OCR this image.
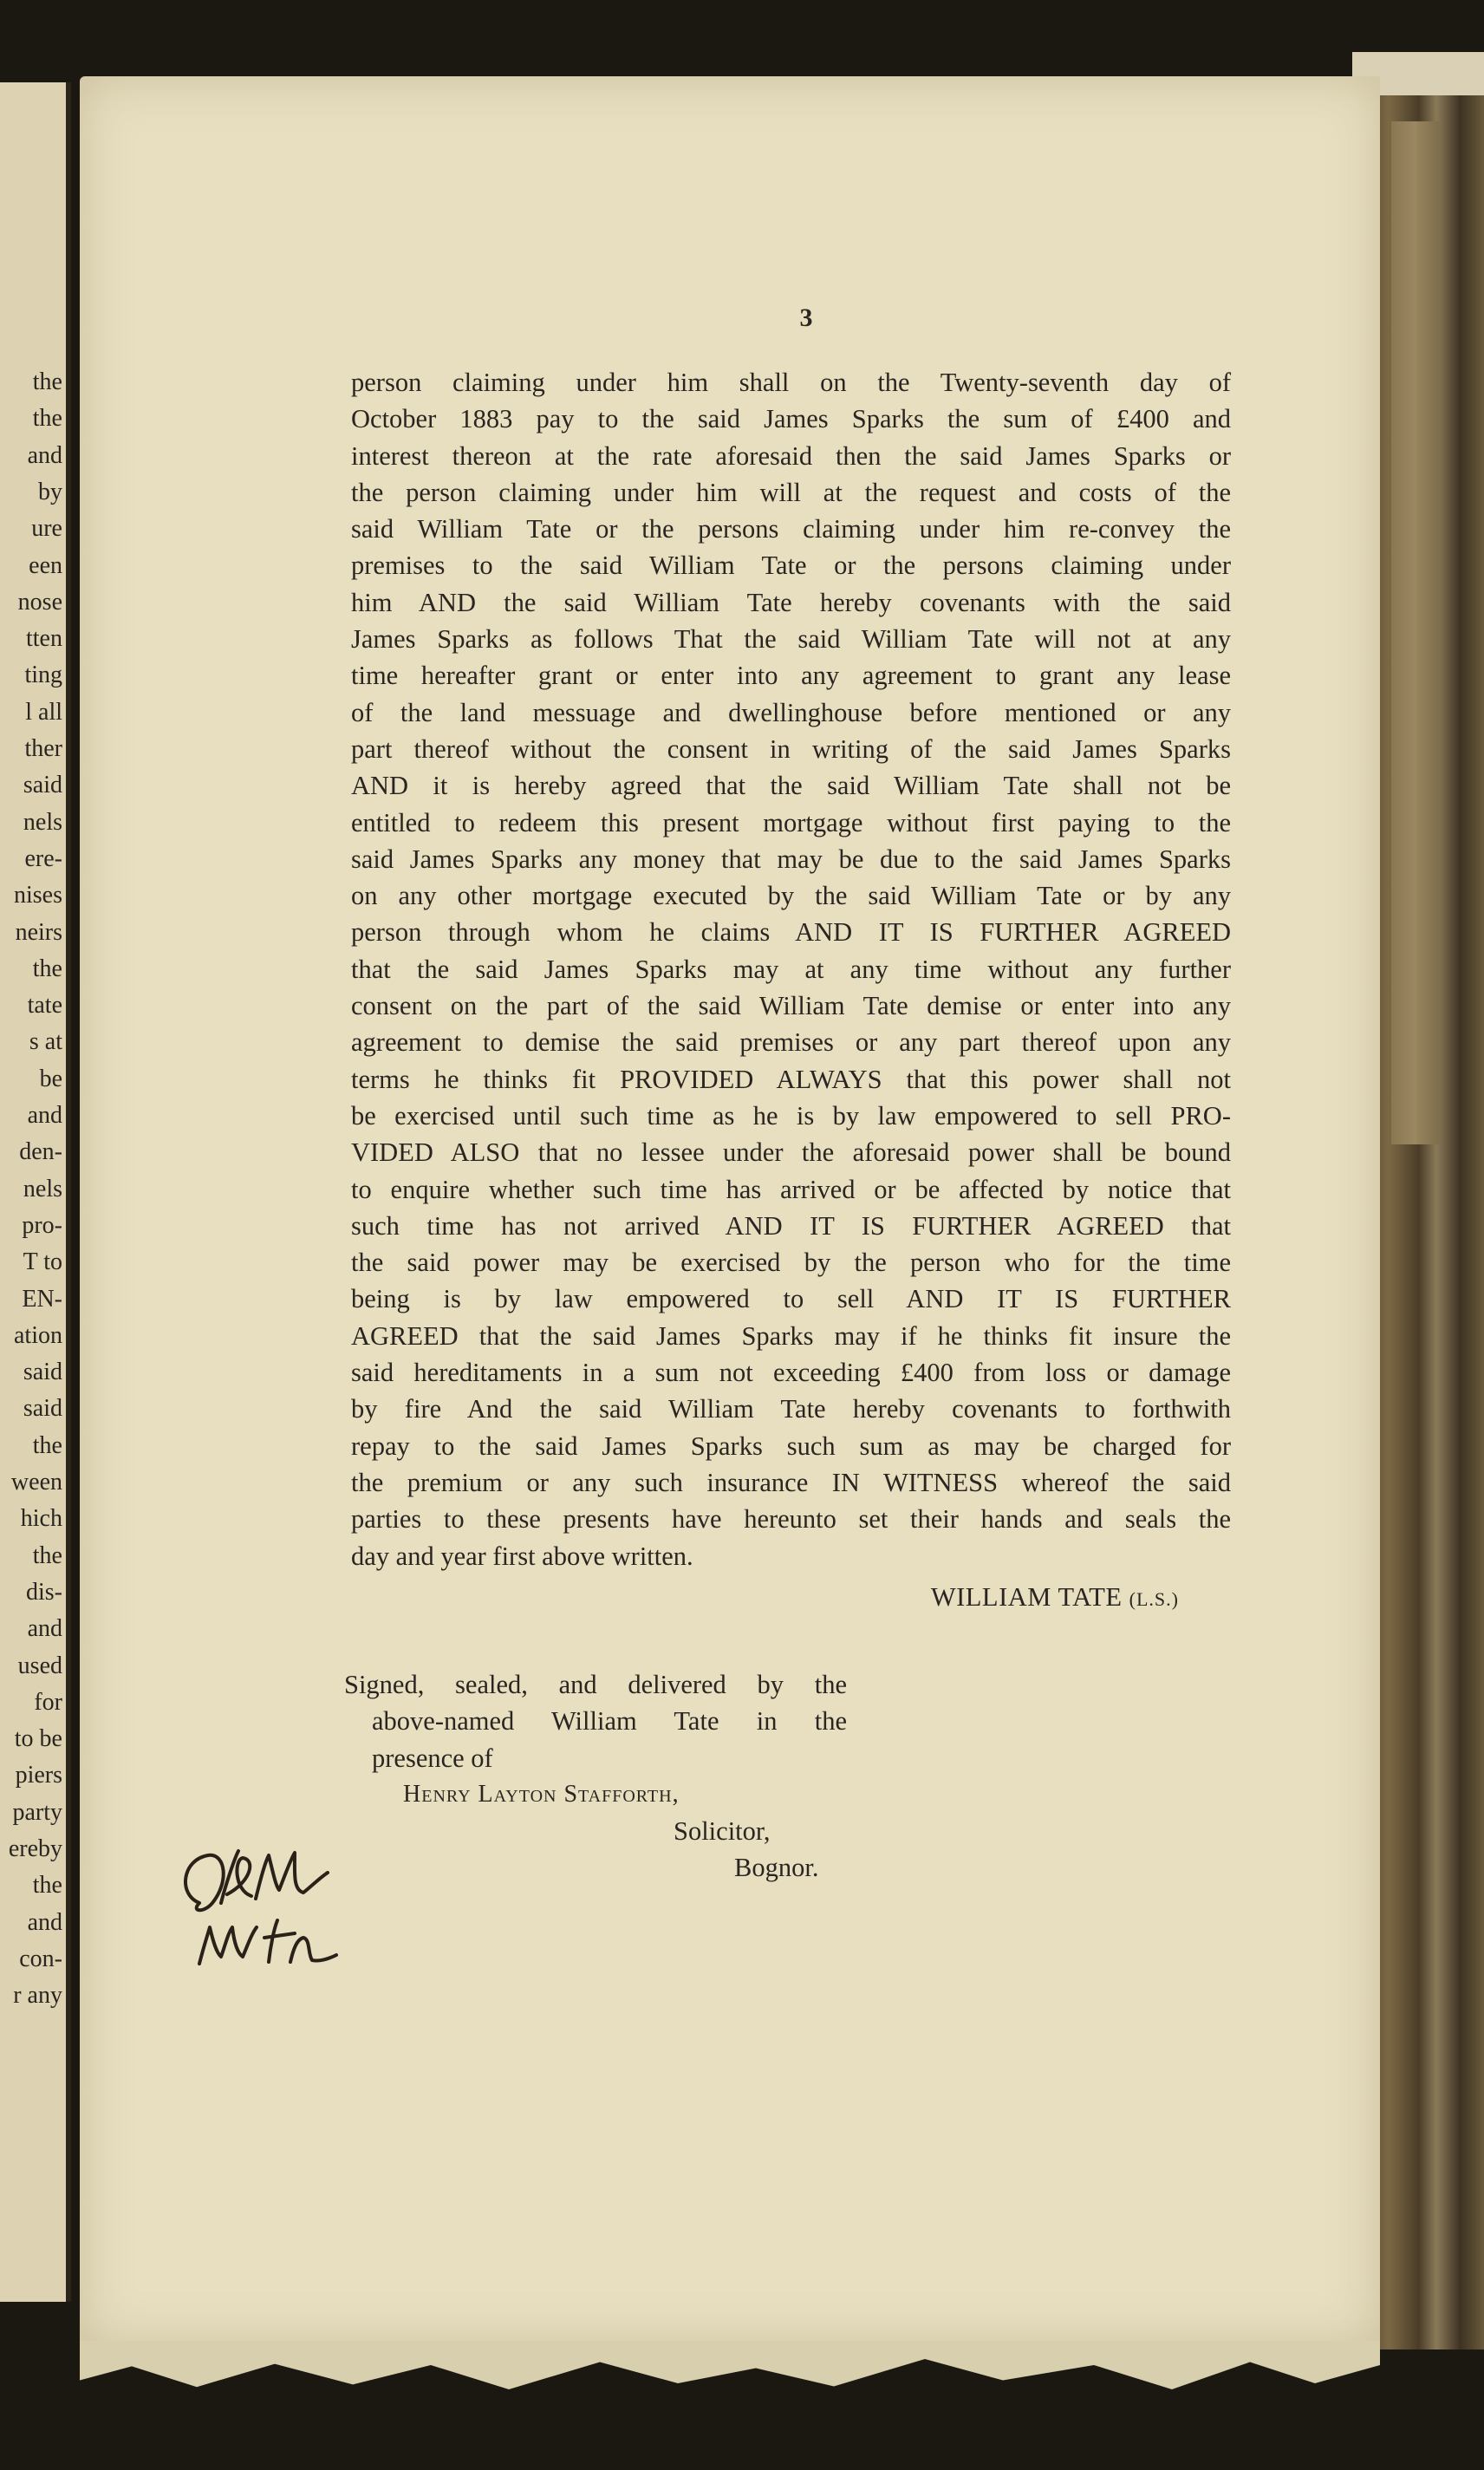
the
the
and
by
ure
een
nose
tten
ting
l all
ther
said
nels
ere-
nises
neirs
the
tate
s at
be
and
den-
nels
pro-
T to
EN-
ation
said
said
the
ween
hich
the
dis-
and
used
for
to be
piers
party
ereby
the
and
con-
r any
3
person claiming under him shall on the Twenty-seventh day of
October 1883 pay to the said James Sparks the sum of £400 and
interest thereon at the rate aforesaid then the said James Sparks or
the person claiming under him will at the request and costs of the
said William Tate or the persons claiming under him re-convey the
premises to the said William Tate or the persons claiming under
him AND the said William Tate hereby covenants with the said
James Sparks as follows That the said William Tate will not at any
time hereafter grant or enter into any agreement to grant any lease
of the land messuage and dwellinghouse before mentioned or any
part thereof without the consent in writing of the said James Sparks
AND it is hereby agreed that the said William Tate shall not be
entitled to redeem this present mortgage without first paying to the
said James Sparks any money that may be due to the said James Sparks
on any other mortgage executed by the said William Tate or by any
person through whom he claims AND IT IS FURTHER AGREED
that the said James Sparks may at any time without any further
consent on the part of the said William Tate demise or enter into any
agreement to demise the said premises or any part thereof upon any
terms he thinks fit PROVIDED ALWAYS that this power shall not
be exercised until such time as he is by law empowered to sell PRO-
VIDED ALSO that no lessee under the aforesaid power shall be bound
to enquire whether such time has arrived or be affected by notice that
such time has not arrived AND IT IS FURTHER AGREED that
the said power may be exercised by the person who for the time
being is by law empowered to sell AND IT IS FURTHER
AGREED that the said James Sparks may if he thinks fit insure the
said hereditaments in a sum not exceeding £400 from loss or damage
by fire And the said William Tate hereby covenants to forthwith
repay to the said James Sparks such sum as may be charged for
the premium or any such insurance IN WITNESS whereof the said
parties to these presents have hereunto set their hands and seals the
day and year first above written.
WILLIAM TATE (L.S.)
Signed, sealed, and delivered by the
above-named William Tate in the
presence of
Henry Layton Stafforth,
Solicitor,
Bognor.
